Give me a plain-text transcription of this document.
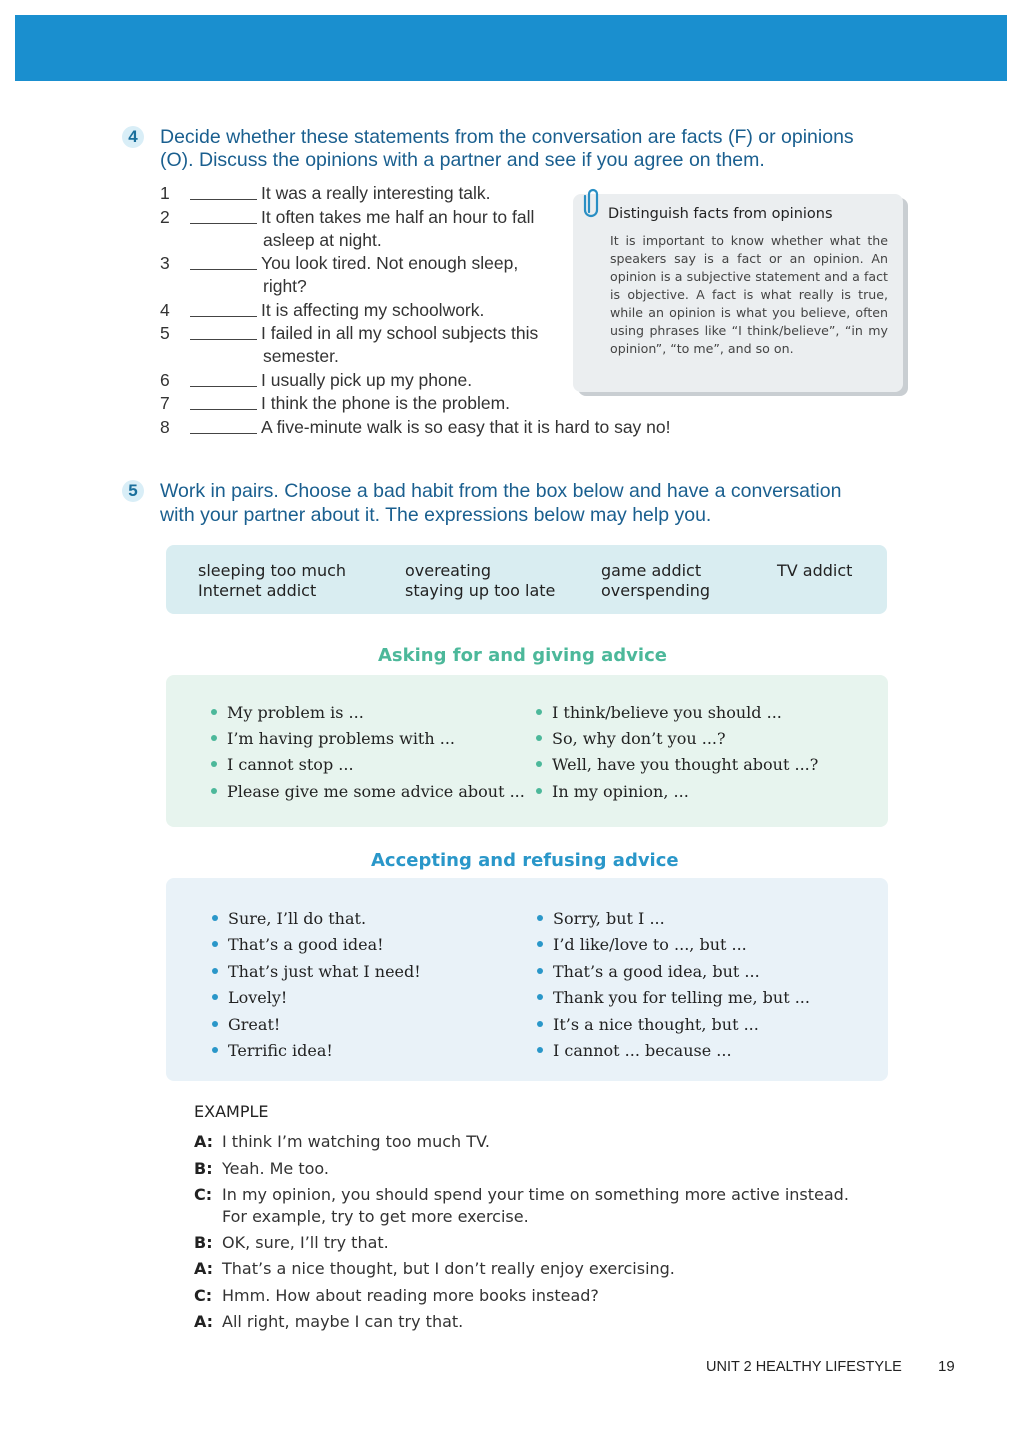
4	Decide whether these statements from the conversation are facts (F) or opinions
(O). Discuss the opinions with a partner and see if you agree on them.
1	It was a really interesting talk.
2	It often takes me half an hour to fall
asleep at night.
3	You look tired. Not enough sleep,
right?
4	It is affecting my schoolwork.
5	I failed in all my school subjects this
semester.
6	I usually pick up my phone.
7	I think the phone is the problem.
8	A five-minute walk is so easy that it is hard to say no!
Distinguish facts from opinions
It is important to know whether what the speakers say is a fact or an opinion. An opinion is a subjective statement and a fact is objective. A fact is what really is true, while an opinion is what you believe, often using phrases like “I think/believe”, “in my opinion”, “to me”, and so on.
5	Work in pairs. Choose a bad habit from the box below and have a conversation
with your partner about it. The expressions below may help you.
sleeping too much
Internet addict
overeating
staying up too late
game addict
overspending
TV addict
Asking for and giving advice
My problem is ...
I’m having problems with ...
I cannot stop ...
Please give me some advice about ...
I think/believe you should ...
So, why don’t you ...?
Well, have you thought about ...?
In my opinion, ...
Accepting and refusing advice
Sure, I’ll do that.
That’s a good idea!
That’s just what I need!
Lovely!
Great!
Terrific idea!
Sorry, but I ...
I’d like/love to ..., but ...
That’s a good idea, but ...
Thank you for telling me, but ...
It’s a nice thought, but ...
I cannot ... because ...
EXAMPLE
A: I think I’m watching too much TV.
B: Yeah. Me too.
C: In my opinion, you should spend your time on something more active instead.
For example, try to get more exercise.
B: OK, sure, I’ll try that.
A: That’s a nice thought, but I don’t really enjoy exercising.
C: Hmm. How about reading more books instead?
A: All right, maybe I can try that.
UNIT 2 HEALTHY LIFESTYLE 19
